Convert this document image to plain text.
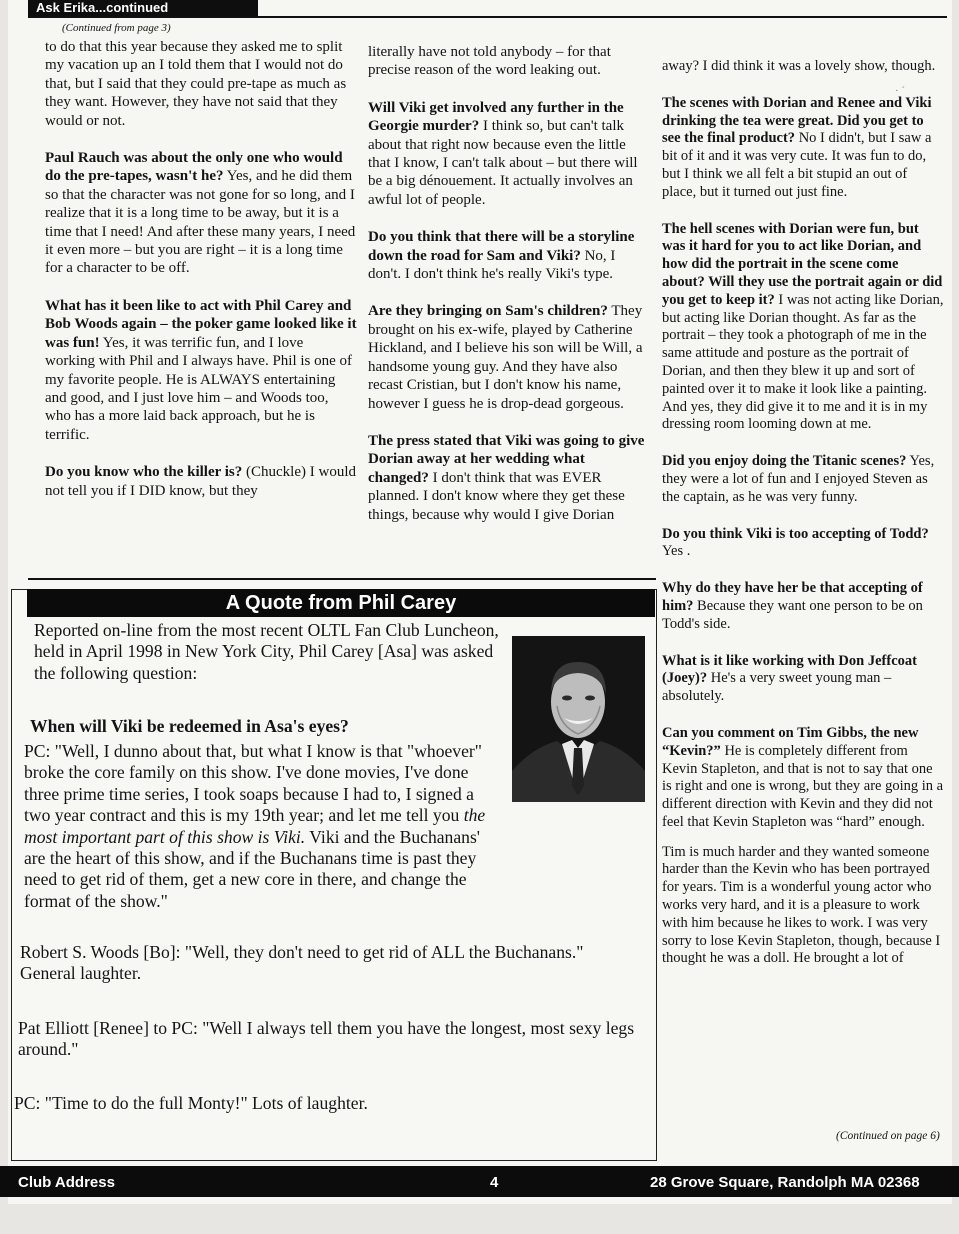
Ask Erika...continued
(Continued from page 3)

to do that this year because they asked me to split my vacation up an I told them that I would not do that, but I said that they could pre-tape as much as they want. However, they have not said that they would or not.

Paul Rauch was about the only one who would do the pre-tapes, wasn't he? Yes, and he did them so that the character was not gone for so long, and I realize that it is a long time to be away, but it is a time that I need! And after these many years, I need it even more – but you are right – it is a long time for a character to be off.

What has it been like to act with Phil Carey and Bob Woods again – the poker game looked like it was fun! Yes, it was terrific fun, and I love working with Phil and I always have. Phil is one of my favorite people. He is ALWAYS entertaining and good, and I just love him – and Woods too, who has a more laid back approach, but he is terrific.

Do you know who the killer is? (Chuckle) I would not tell you if I DID know, but they

literally have not told anybody – for that precise reason of the word leaking out.

Will Viki get involved any further in the Georgie murder? I think so, but can't talk about that right now because even the little that I know, I can't talk about – but there will be a big dénouement. It actually involves an awful lot of people.

Do you think that there will be a storyline down the road for Sam and Viki? No, I don't. I don't think he's really Viki's type.

Are they bringing on Sam's children? They brought on his ex-wife, played by Catherine Hickland, and I believe his son will be Will, a handsome young guy. And they have also recast Cristian, but I don't know his name, however I guess he is drop-dead gorgeous.

The press stated that Viki was going to give Dorian away at her wedding what changed? I don't think that was EVER planned. I don't know where they get these things, because why would I give Dorian

away? I did think it was a lovely show, though.

The scenes with Dorian and Renee and Viki drinking the tea were great. Did you get to see the final product? No I didn't, but I saw a bit of it and it was very cute. It was fun to do, but I think we all felt a bit stupid an out of place, but it turned out just fine.

The hell scenes with Dorian were fun, but was it hard for you to act like Dorian, and how did the portrait in the scene come about? Will they use the portrait again or did you get to keep it? I was not acting like Dorian, but acting like Dorian thought. As far as the portrait – they took a photograph of me in the same attitude and posture as the portrait of Dorian, and then they blew it up and sort of painted over it to make it look like a painting. And yes, they did give it to me and it is in my dressing room looming down at me.

Did you enjoy doing the Titanic scenes? Yes, they were a lot of fun and I enjoyed Steven as the captain, as he was very funny.

Do you think Viki is too accepting of Todd? Yes .

Why do they have her be that accepting of him? Because they want one person to be on Todd's side.

What is it like working with Don Jeffcoat (Joey)? He's a very sweet young man – absolutely.

Can you comment on Tim Gibbs, the new “Kevin?” He is completely different from Kevin Stapleton, and that is not to say that one is right and one is wrong, but they are going in a different direction with Kevin and they did not feel that Kevin Stapleton was “hard” enough.

Tim is much harder and they wanted someone harder than the Kevin who has been portrayed for years. Tim is a wonderful young actor who works very hard, and it is a pleasure to work with him because he likes to work. I was very sorry to lose Kevin Stapleton, though, because I thought he was a doll. He brought a lot of

A Quote from Phil Carey
Reported on-line from the most recent OLTL Fan Club Luncheon, held in April 1998 in New York City, Phil Carey [Asa] was asked the following question:
When will Viki be redeemed in Asa's eyes?

PC: "Well, I dunno about that, but what I know is that "whoever" broke the core family on this show. I've done movies, I've done three prime time series, I took soaps because I had to, I signed a two year contract and this is my 19th year; and let me tell you the most important part of this show is Viki. Viki and the Buchanans' are the heart of this show, and if the Buchanans time is past they need to get rid of them, get a new core in there, and change the format of the show."

Robert S. Woods [Bo]: "Well, they don't need to get rid of ALL the Buchanans." General laughter.
Pat Elliott [Renee] to PC: "Well I always tell them you have the longest, most sexy legs around."
PC: "Time to do the full Monty!" Lots of laughter.
(Continued on page 6)
· ´
Club Address	4	28 Grove Square, Randolph MA 02368
